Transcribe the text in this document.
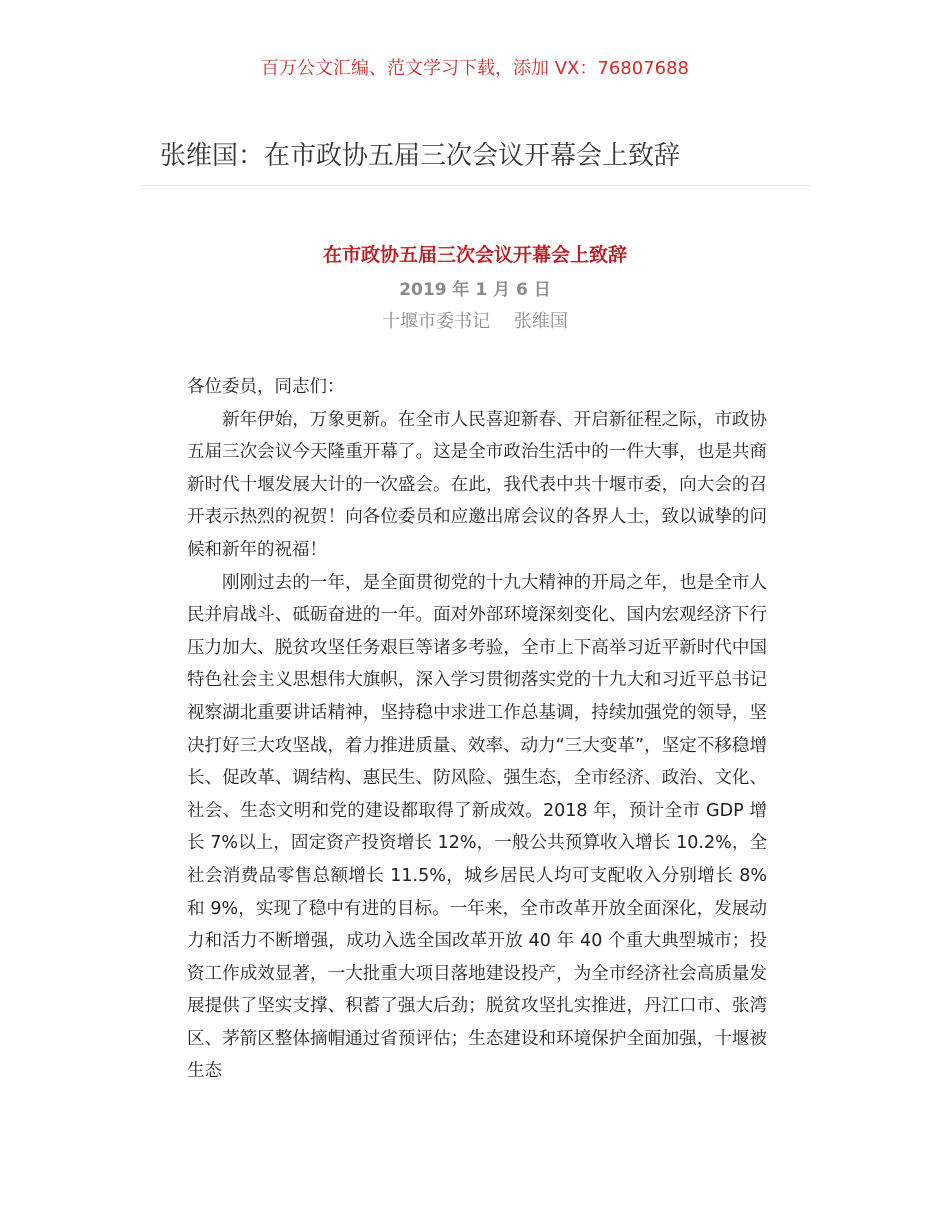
百万公文汇编、范文学习下载，添加 VX：76807688
张维国：在市政协五届三次会议开幕会上致辞
在市政协五届三次会议开幕会上致辞
2019 年 1 月 6 日
十堰市委书记　 张维国

各位委员，同志们：

新年伊始，万象更新。在全市人民喜迎新春、开启新征程之际，市政协五届三次会议今天隆重开幕了。这是全市政治生活中的一件大事，也是共商新时代十堰发展大计的一次盛会。在此，我代表中共十堰市委，向大会的召开表示热烈的祝贺！向各位委员和应邀出席会议的各界人士，致以诚挚的问候和新年的祝福！

刚刚过去的一年，是全面贯彻党的十九大精神的开局之年，也是全市人民并肩战斗、砥砺奋进的一年。面对外部环境深刻变化、国内宏观经济下行压力加大、脱贫攻坚任务艰巨等诸多考验，全市上下高举习近平新时代中国特色社会主义思想伟大旗帜，深入学习贯彻落实党的十九大和习近平总书记视察湖北重要讲话精神，坚持稳中求进工作总基调，持续加强党的领导，坚决打好三大攻坚战，着力推进质量、效率、动力“三大变革”，坚定不移稳增长、促改革、调结构、惠民生、防风险、强生态，全市经济、政治、文化、社会、生态文明和党的建设都取得了新成效。2018 年，预计全市 GDP 增长 7%以上，固定资产投资增长 12%，一般公共预算收入增长 10.2%，全社会消费品零售总额增长 11.5%，城乡居民人均可支配收入分别增长 8%和 9%，实现了稳中有进的目标。一年来，全市改革开放全面深化，发展动力和活力不断增强，成功入选全国改革开放 40 年 40 个重大典型城市；投资工作成效显著，一大批重大项目落地建设投产，为全市经济社会高质量发展提供了坚实支撑、积蓄了强大后劲；脱贫攻坚扎实推进，丹江口市、张湾区、茅箭区整体摘帽通过省预评估；生态建设和环境保护全面加强，十堰被生态
